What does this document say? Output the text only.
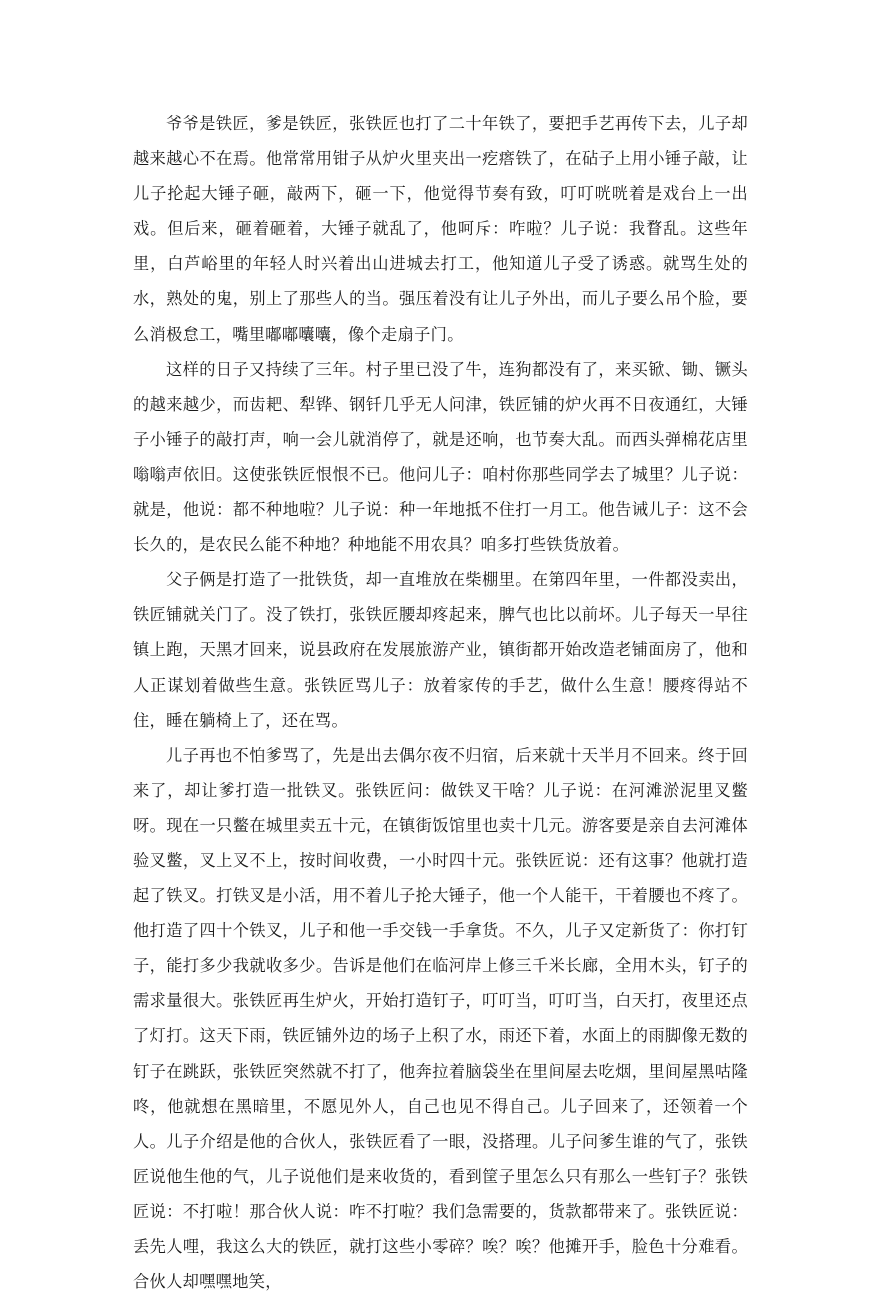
爷爷是铁匠，爹是铁匠，张铁匠也打了二十年铁了，要把手艺再传下去，儿子却越来越心不在焉。他常常用钳子从炉火里夹出一疙瘩铁了，在砧子上用小锤子敲，让儿子抡起大锤子砸，敲两下，砸一下，他觉得节奏有致，叮叮咣咣着是戏台上一出戏。但后来，砸着砸着，大锤子就乱了，他呵斥：咋啦？儿子说：我瞀乱。这些年里，白芦峪里的年轻人时兴着出山进城去打工，他知道儿子受了诱惑。就骂生处的水，熟处的鬼，别上了那些人的当。强压着没有让儿子外出，而儿子要么吊个脸，要么消极怠工，嘴里嘟嘟囔囔，像个走扇子门。

这样的日子又持续了三年。村子里已没了牛，连狗都没有了，来买锨、锄、镢头的越来越少，而齿耙、犁铧、钢钎几乎无人问津，铁匠铺的炉火再不日夜通红，大锤子小锤子的敲打声，响一会儿就消停了，就是还响，也节奏大乱。而西头弹棉花店里嗡嗡声依旧。这使张铁匠恨恨不已。他问儿子：咱村你那些同学去了城里？儿子说：就是，他说：都不种地啦？儿子说：种一年地抵不住打一月工。他告诫儿子：这不会长久的，是农民么能不种地？种地能不用农具？咱多打些铁货放着。

父子俩是打造了一批铁货，却一直堆放在柴棚里。在第四年里，一件都没卖出，铁匠铺就关门了。没了铁打，张铁匠腰却疼起来，脾气也比以前坏。儿子每天一早往镇上跑，天黑才回来，说县政府在发展旅游产业，镇街都开始改造老铺面房了，他和人正谋划着做些生意。张铁匠骂儿子：放着家传的手艺，做什么生意！腰疼得站不住，睡在躺椅上了，还在骂。

儿子再也不怕爹骂了，先是出去偶尔夜不归宿，后来就十天半月不回来。终于回来了，却让爹打造一批铁叉。张铁匠问：做铁叉干啥？儿子说：在河滩淤泥里叉鳖呀。现在一只鳖在城里卖五十元，在镇街饭馆里也卖十几元。游客要是亲自去河滩体验叉鳖，叉上叉不上，按时间收费，一小时四十元。张铁匠说：还有这事？他就打造起了铁叉。打铁叉是小活，用不着儿子抡大锤子，他一个人能干，干着腰也不疼了。他打造了四十个铁叉，儿子和他一手交钱一手拿货。不久，儿子又定新货了：你打钉子，能打多少我就收多少。告诉是他们在临河岸上修三千米长廊，全用木头，钉子的需求量很大。张铁匠再生炉火，开始打造钉子，叮叮当，叮叮当，白天打，夜里还点了灯打。这天下雨，铁匠铺外边的场子上积了水，雨还下着，水面上的雨脚像无数的钉子在跳跃，张铁匠突然就不打了，他奔拉着脑袋坐在里间屋去吃烟，里间屋黑咕隆咚，他就想在黑暗里，不愿见外人，自己也见不得自己。儿子回来了，还领着一个人。儿子介绍是他的合伙人，张铁匠看了一眼，没搭理。儿子问爹生谁的气了，张铁匠说他生他的气，儿子说他们是来收货的，看到筐子里怎么只有那么一些钉子？张铁匠说：不打啦！那合伙人说：咋不打啦？我们急需要的，货款都带来了。张铁匠说：丢先人哩，我这么大的铁匠，就打这些小零碎？唉？唉？他摊开手，脸色十分难看。合伙人却嘿嘿地笑，
